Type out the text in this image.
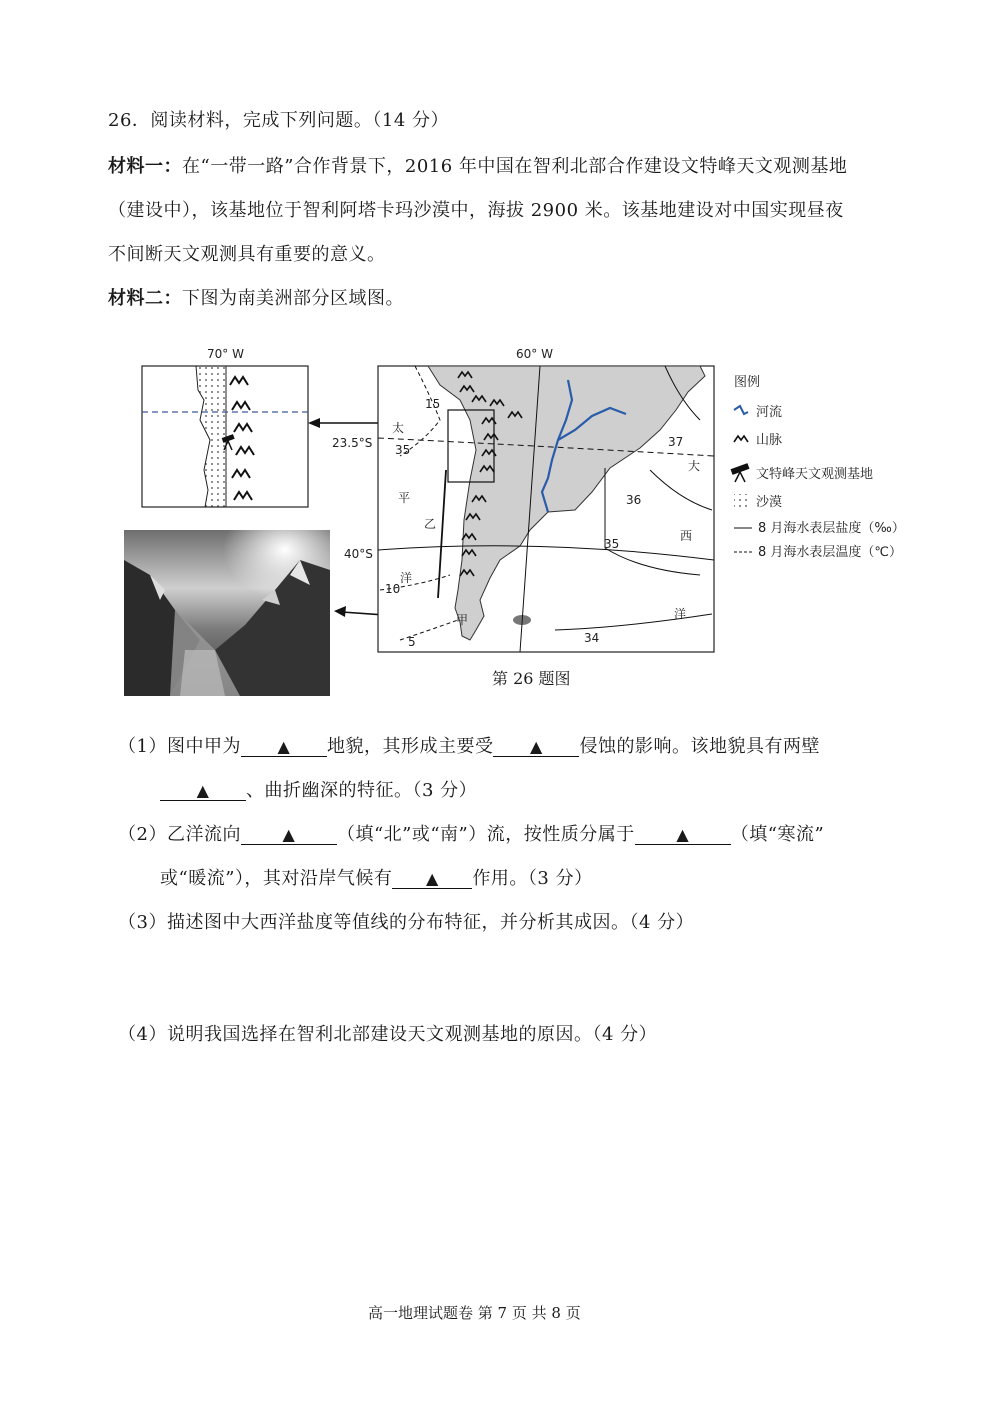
26．阅读材料，完成下列问题。（14 分）
材料一：在“一带一路”合作背景下，2016 年中国在智利北部合作建设文特峰天文观测基地
（建设中），该基地位于智利阿塔卡玛沙漠中，海拔 2900 米。该基地建设对中国实现昼夜
不间断天文观测具有重要的意义。
材料二：下图为南美洲部分区域图。
70° W	60° W
23.5°S
40°S
太
平
洋
乙
甲
大
西
洋
15
35
10
5
37
36
35
34
图例
河流
山脉
文特峰天文观测基地
沙漠
8 月海水表层盐度（‰）
8 月海水表层温度（℃）
第 26 题图
（1）图中甲为 ▲ 地貌，其形成主要受 ▲ 侵蚀的影响。该地貌具有两壁
▲ 、曲折幽深的特征。（3 分）
（2）乙洋流向	▲ （填“北”或“南”）流，按性质分属于	▲ （填“寒流”
或“暖流”），其对沿岸气候有 ▲ 作用。（3 分）
（3）描述图中大西洋盐度等值线的分布特征，并分析其成因。（4 分）
（4）说明我国选择在智利北部建设天文观测基地的原因。（4 分）
高一地理试题卷 第 7 页 共 8 页
